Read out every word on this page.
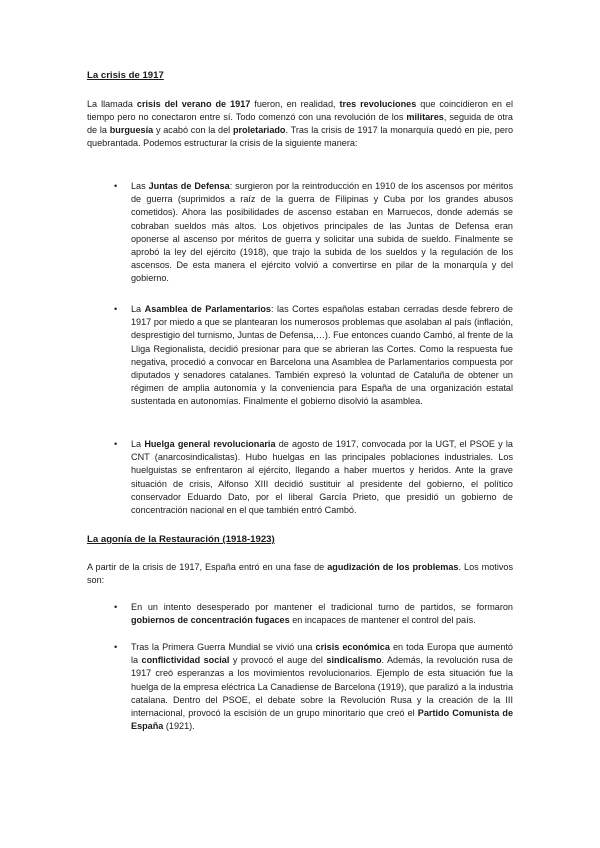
La crisis de 1917

La llamada crisis del verano de 1917 fueron, en realidad, tres revoluciones que coincidieron en el tiempo pero no conectaron entre sí. Todo comenzó con una revolución de los militares, seguida de otra de la burguesía y acabó con la del proletariado. Tras la crisis de 1917 la monarquía quedó en pie, pero quebrantada. Podemos estructurar la crisis de la siguiente manera:

• Las Juntas de Defensa: surgieron por la reintroducción en 1910 de los ascensos por méritos de guerra (suprimidos a raíz de la guerra de Filipinas y Cuba por los grandes abusos cometidos). Ahora las posibilidades de ascenso estaban en Marruecos, donde además se cobraban sueldos más altos. Los objetivos principales de las Juntas de Defensa eran oponerse al ascenso por méritos de guerra y solicitar una subida de sueldo. Finalmente se aprobó la ley del ejército (1918), que trajo la subida de los sueldos y la regulación de los ascensos. De esta manera el ejército volvió a convertirse en pilar de la monarquía y del gobierno.

• La Asamblea de Parlamentarios: las Cortes españolas estaban cerradas desde febrero de 1917 por miedo a que se plantearan los numerosos problemas que asolaban al país (inflación, desprestigio del turnismo, Juntas de Defensa,…). Fue entonces cuando Cambó, al frente de la Lliga Regionalista, decidió presionar para que se abrieran las Cortes. Como la respuesta fue negativa, procedió a convocar en Barcelona una Asamblea de Parlamentarios compuesta por diputados y senadores catalanes. También expresó la voluntad de Cataluña de obtener un régimen de amplia autonomía y la conveniencia para España de una organización estatal sustentada en autonomías. Finalmente el gobierno disolvió la asamblea.

• La Huelga general revolucionaria de agosto de 1917, convocada por la UGT, el PSOE y la CNT (anarcosindicalistas). Hubo huelgas en las principales poblaciones industriales. Los huelguistas se enfrentaron al ejército, llegando a haber muertos y heridos. Ante la grave situación de crisis, Alfonso XIII decidió sustituir al presidente del gobierno, el político conservador Eduardo Dato, por el liberal García Prieto, que presidió un gobierno de concentración nacional en el que también entró Cambó.

La agonía de la Restauración (1918-1923)

A partir de la crisis de 1917, España entró en una fase de agudización de los problemas. Los motivos son:

• En un intento desesperado por mantener el tradicional turno de partidos, se formaron gobiernos de concentración fugaces en incapaces de mantener el control del país.

• Tras la Primera Guerra Mundial se vivió una crisis económica en toda Europa que aumentó la conflictividad social y provocó el auge del sindicalismo. Además, la revolución rusa de 1917 creó esperanzas a los movimientos revolucionarios. Ejemplo de esta situación fue la huelga de la empresa eléctrica La Canadiense de Barcelona (1919), que paralizó a la industria catalana. Dentro del PSOE, el debate sobre la Revolución Rusa y la creación de la III internacional, provocó la escisión de un grupo minoritario que creó el Partido Comunista de España (1921).
